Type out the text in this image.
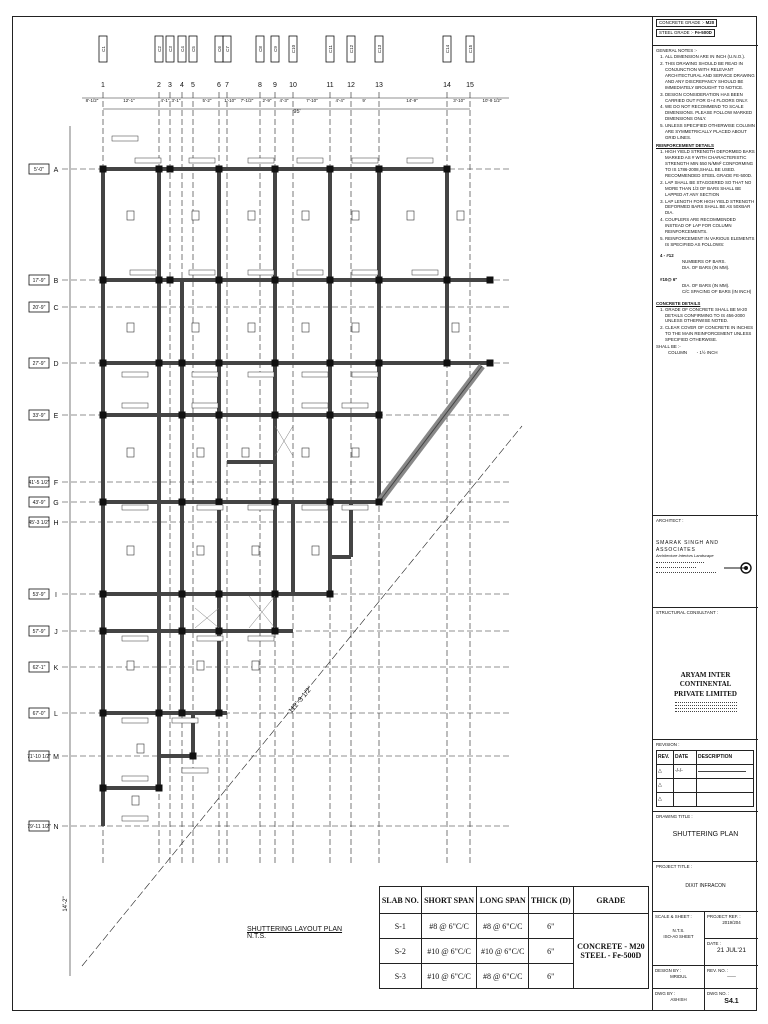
C1
1
C2
2
C3
3
C4
4
C5
5
C6
6
C7
7
C8
8
C9
9
C10
10
C11
11
C12
12
C13
13
C14
14
C15
15
95'
8'-1/2"	12'-1"	4'-1" 3'-1"	5'-2"	1'-10" 7'-1/2" 2'-9" 4'-3"	7'-10"	4'-4"	9'	14'-9"	3'-10"	10'-9 1/2"
5'-0" A
17'-9" B
20'-9" C
27'-9" D
33'-9" E
41'-5 1/2" F
43'-9" G
45'-3 1/2" H
53'-9" I
57'-9" J
62'-1" K
67'-0" L
71'-10 1/2" M
79'-11 1/2" N
14'-2"
112'-3 1/2"
SLAB NO.	SHORT SPAN	LONG SPAN	THICK (D)	GRADE
S-1	#8 @ 6"C/C	#8 @ 6"C/C	6"	CONCRETE - M20
STEEL - Fe-500D

S-2	#10 @ 6"C/C	#10 @ 6"C/C	6"	
S-3	#10 @ 6"C/C	#8 @ 6"C/C	6"	
SHUTTERING LAYOUT PLAN
N.T.S.
CONCRETE GRADE :- M20
STEEL GRADE :- Fe-500D
GENERAL NOTES :-
1. ALL DIMENSION ARE IN INCH (U.N.O.).
2. THIS DRAWING SHOULD BE READ IN CONJUNCTION WITH RELEVANT ARCHITECTURAL AND SERVICE DRAWING AND ANY DISCREPANCY SHOULD BE IMMEDIATELY BROUGHT TO NOTICE.
3. DESIGN CONSIDERATION HAS BEEN CARRIED OUT FOR G+4 FLOORS ONLY.
4. WE DO NOT RECOMMEND TO SCALE DIMENSIONS. PLEASE FOLLOW MARKED DIMENSIONS ONLY.
5. UNLESS SPECIFIED OTHERWISE COLUMN ARE SYMMETRICALLY PLACED ABOUT GRID LINES.
REINFORCEMENT DETAILS
1. HIGH YIELD STRENGTH DEFORMED BARS MARKED AS # WITH CHARACTERISTIC STRENGTH MIN 550 N/MM² CONFORMING TO IS 1786-2008,SHALL BE USED. RECOMMENDED STEEL GRADE FE-500D.
2. LAP SHALL BE STAGGERED SO THAT NO MORE THAN 1/3 OF BARS SHALL BE LAPPED AT ANY SECTION
3. LAP LENGTH FOR HIGH YIELD STRENGTH DEFORMED BARS SHALL BE AS 50XBAR DIA.
4. COUPLERS ARE RECOMMENDED INSTEAD OF LAP FOR COLUMN REINFORCEMENTS.
5. REINFORCEMENT IN VARIOUS ELEMENTS IS SPECIFIED AS FOLLOWS:
4 - #12
NUMBERS OF BARS.
DIA. OF BARS (IN MM).
#10@ 6"
DIA. OF BARS (IN MM).
C/C SPACING OF BARS (IN INCH)
CONCRETE DETAILS
1. GRADE OF CONCRETE SHALL BE M-20 DETAILS CONFIRMING TO IS 456-2000 UNLESS OTHERWISE NOTED.
2. CLEAR COVER OF CONCRETE IN INCHES TO THE MAIN REINFORCEMENT UNLESS SPECIFIED OTHERWISE.
SHALL BE :-
COLUMN - 1½ INCH
ARCHITECT :
SMARAK SINGH AND ASSOCIATES
Architecture Interiors Landscape
STRUCTURAL CONSULTANT :
ARYAM INTER CONTINENTAL
PRIVATE LIMITED
REVISION :
REV.	DATE	DESCRIPTION
△	-/-/-	

△		
△		
DRAWING TITLE :
SHUTTERING PLAN
PROJECT TITLE :
DIXIT INFRACON
SCALE & SHEET :
N.T.S.
ISO-A0 SHEET
PROJECT REF. :
2019/204
DATE :
21 JUL'21
DESIGN BY :
MRIDUL
REV. NO. :
——
DWG BY :
ASHISH
DWG NO. :
S4.1
